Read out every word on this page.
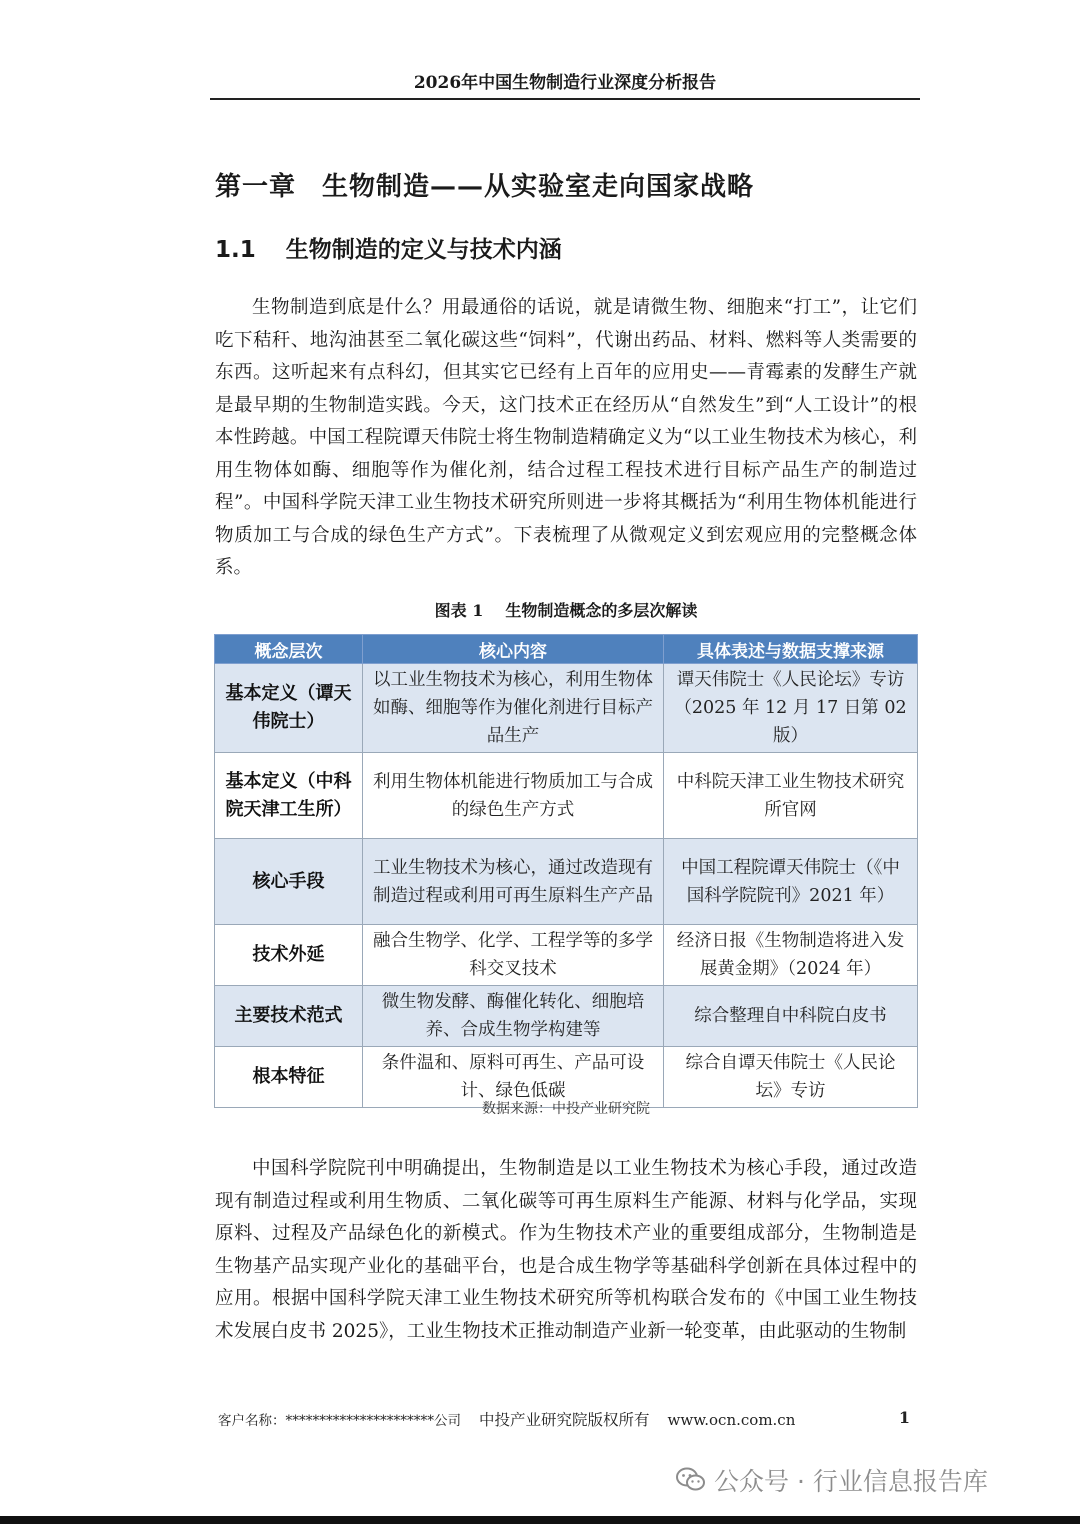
2026年中国生物制造行业深度分析报告
第一章 生物制造——从实验室走向国家战略
1.1 生物制造的定义与技术内涵

生物制造到底是什么？用最通俗的话说，就是请微生物、细胞来“打工”，让它们吃下秸秆、地沟油甚至二氧化碳这些“饲料”，代谢出药品、材料、燃料等人类需要的东西。这听起来有点科幻，但其实它已经有上百年的应用史——青霉素的发酵生产就是最早期的生物制造实践。今天，这门技术正在经历从“自然发生”到“人工设计”的根本性跨越。中国工程院谭天伟院士将生物制造精确定义为“以工业生物技术为核心，利用生物体如酶、细胞等作为催化剂，结合过程工程技术进行目标产品生产的制造过程”。中国科学院天津工业生物技术研究所则进一步将其概括为“利用生物体机能进行物质加工与合成的绿色生产方式”。下表梳理了从微观定义到宏观应用的完整概念体系。

图表 1 生物制造概念的多层次解读
概念层次	核心内容	具体表述与数据支撑来源
基本定义（谭天伟院士）	以工业生物技术为核心，利用生物体如酶、细胞等作为催化剂进行目标产品生产	谭天伟院士《人民论坛》专访（2025 年 12 月 17 日第 02 版）
基本定义（中科院天津工生所）	利用生物体机能进行物质加工与合成的绿色生产方式	中科院天津工业生物技术研究所官网
核心手段	工业生物技术为核心，通过改造现有制造过程或利用可再生原料生产产品	中国工程院谭天伟院士（《中国科学院院刊》2021 年）
技术外延	融合生物学、化学、工程学等的多学科交叉技术	经济日报《生物制造将进入发展黄金期》（2024 年）
主要技术范式	微生物发酵、酶催化转化、细胞培养、合成生物学构建等	综合整理自中科院白皮书
根本特征	条件温和、原料可再生、产品可设计、绿色低碳	综合自谭天伟院士《人民论坛》专访
数据来源：中投产业研究院

中国科学院院刊中明确提出，生物制造是以工业生物技术为核心手段，通过改造现有制造过程或利用生物质、二氧化碳等可再生原料生产能源、材料与化学品，实现原料、过程及产品绿色化的新模式。作为生物技术产业的重要组成部分，生物制造是生物基产品实现产业化的基础平台，也是合成生物学等基础科学创新在具体过程中的应用。根据中国科学院天津工业生物技术研究所等机构联合发布的《中国工业生物技术发展白皮书 2025》，工业生物技术正推动制造产业新一轮变革，由此驱动的生物制

客户名称：**********************公司 中投产业研究院版权所有 www.ocn.com.cn	1
公众号 · 行业信息报告库
